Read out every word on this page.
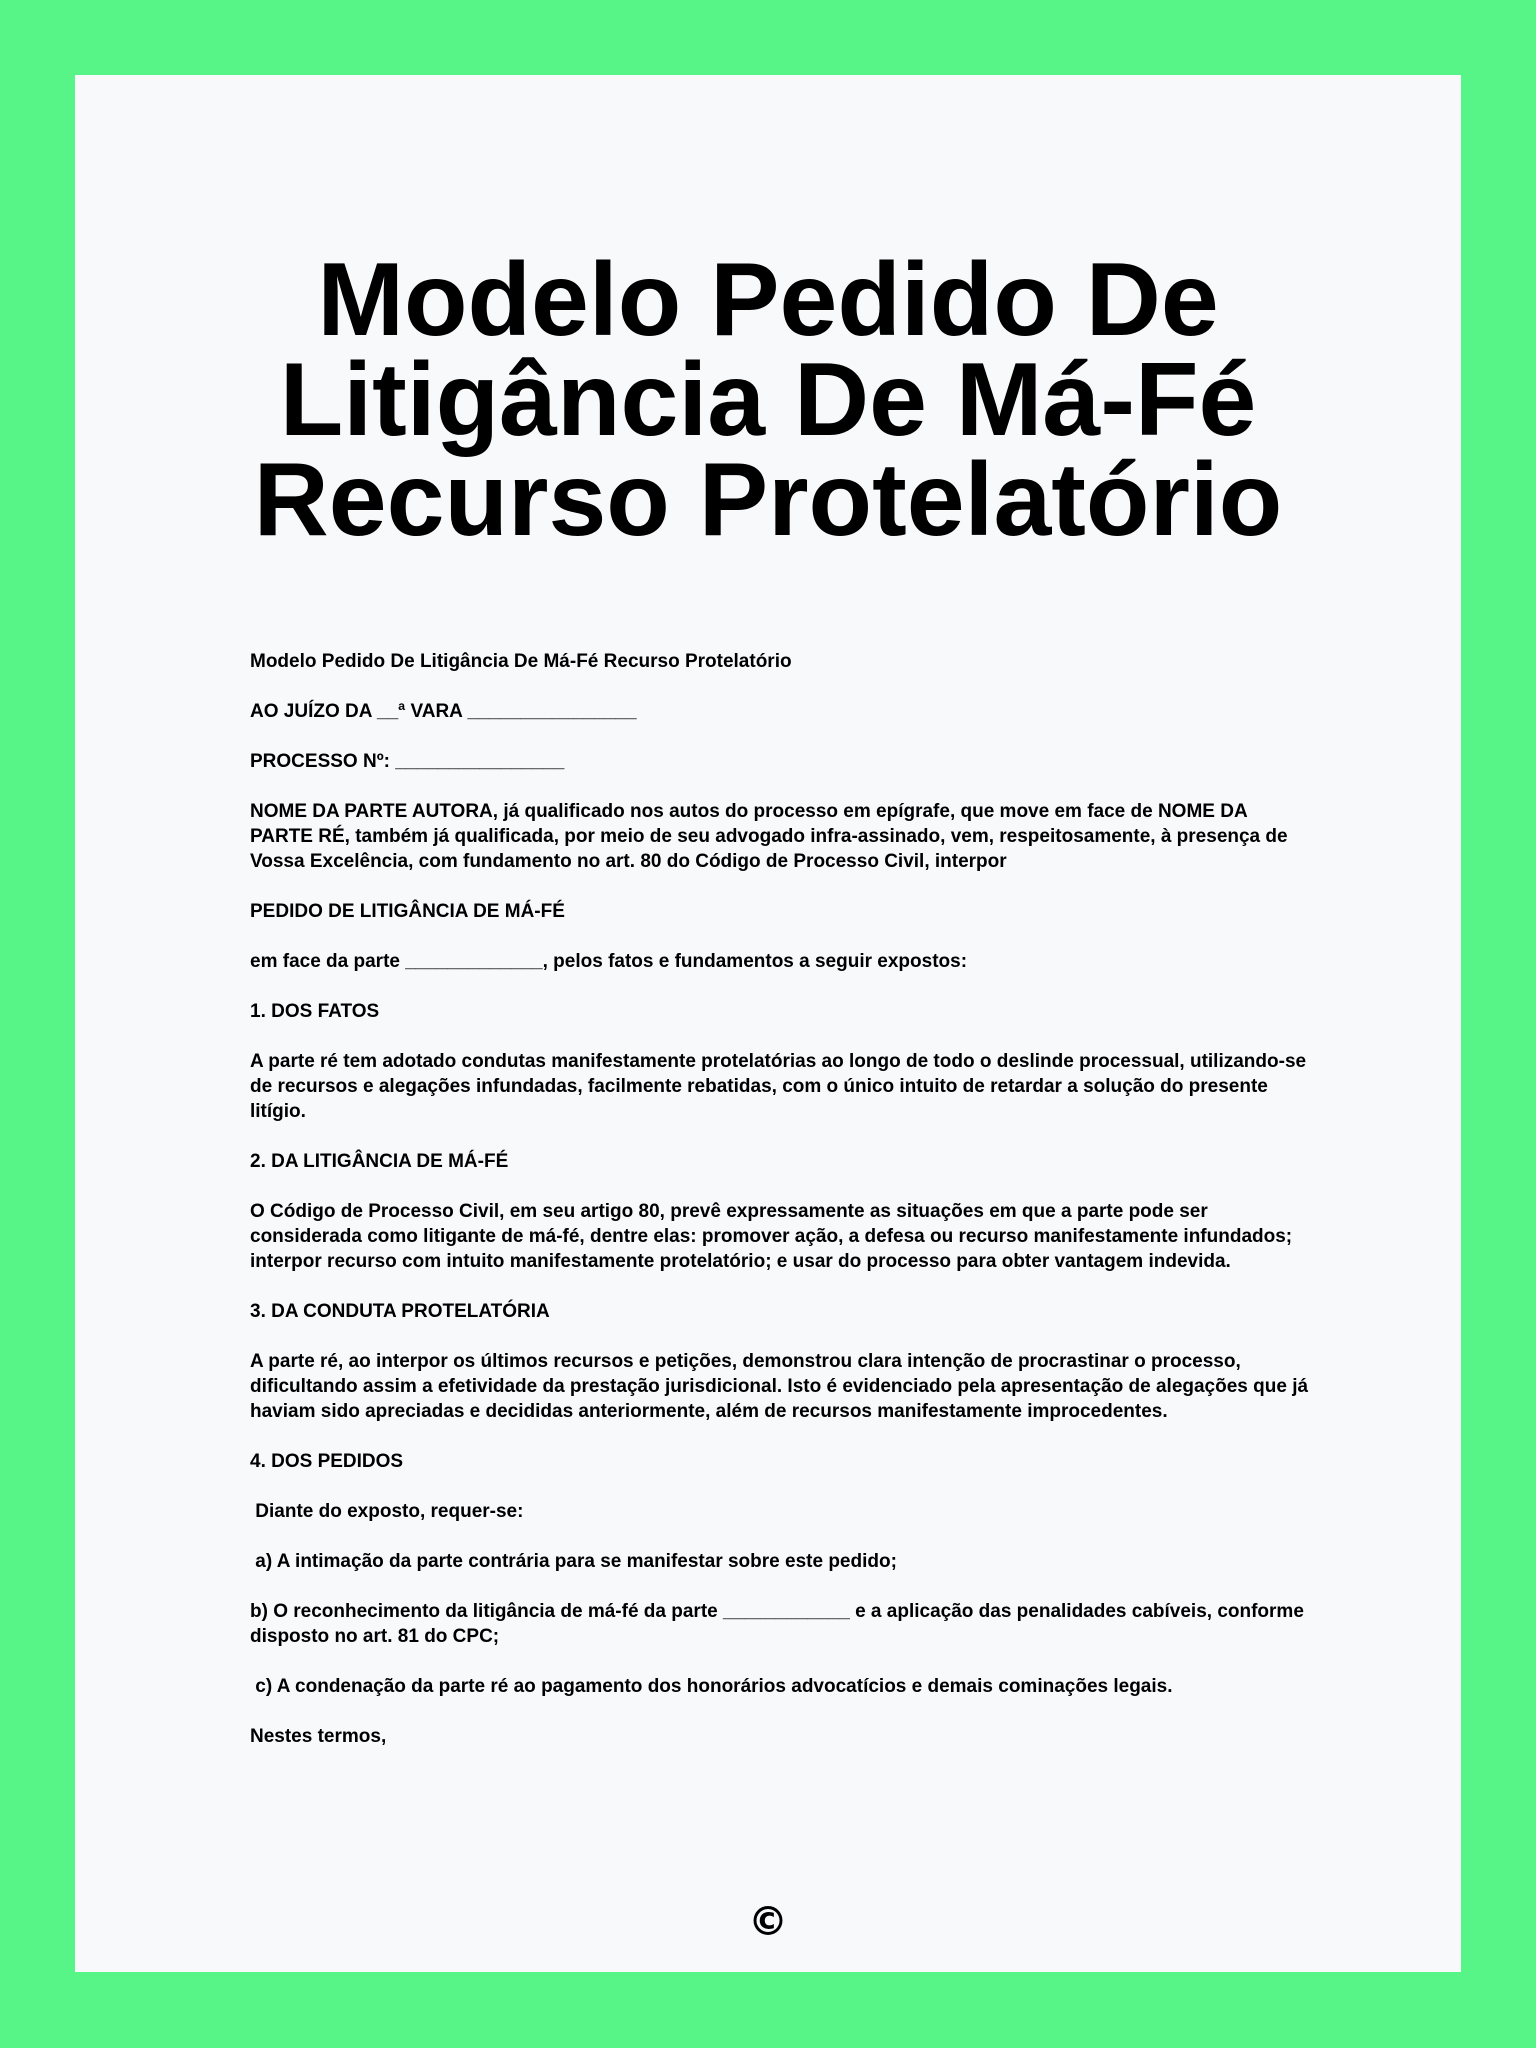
Modelo Pedido De Litigância De Má-Fé Recurso Protelatório

Modelo Pedido De Litigância De Má-Fé Recurso Protelatório

AO JUÍZO DA __ª VARA ________________

PROCESSO Nº: ________________

NOME DA PARTE AUTORA, já qualificado nos autos do processo em epígrafe, que move em face de NOME DA PARTE RÉ, também já qualificada, por meio de seu advogado infra-assinado, vem, respeitosamente, à presença de Vossa Excelência, com fundamento no art. 80 do Código de Processo Civil, interpor

PEDIDO DE LITIGÂNCIA DE MÁ-FÉ

em face da parte _____________, pelos fatos e fundamentos a seguir expostos:

1. DOS FATOS

A parte ré tem adotado condutas manifestamente protelatórias ao longo de todo o deslinde processual, utilizando-se de recursos e alegações infundadas, facilmente rebatidas, com o único intuito de retardar a solução do presente litígio.

2. DA LITIGÂNCIA DE MÁ-FÉ

O Código de Processo Civil, em seu artigo 80, prevê expressamente as situações em que a parte pode ser considerada como litigante de má-fé, dentre elas: promover ação, a defesa ou recurso manifestamente infundados; interpor recurso com intuito manifestamente protelatório; e usar do processo para obter vantagem indevida.

3. DA CONDUTA PROTELATÓRIA

A parte ré, ao interpor os últimos recursos e petições, demonstrou clara intenção de procrastinar o processo, dificultando assim a efetividade da prestação jurisdicional. Isto é evidenciado pela apresentação de alegações que já haviam sido apreciadas e decididas anteriormente, além de recursos manifestamente improcedentes.

4. DOS PEDIDOS

Diante do exposto, requer-se:

a) A intimação da parte contrária para se manifestar sobre este pedido;

b) O reconhecimento da litigância de má-fé da parte ____________ e a aplicação das penalidades cabíveis, conforme disposto no art. 81 do CPC;

c) A condenação da parte ré ao pagamento dos honorários advocatícios e demais cominações legais.

Nestes termos,

©
